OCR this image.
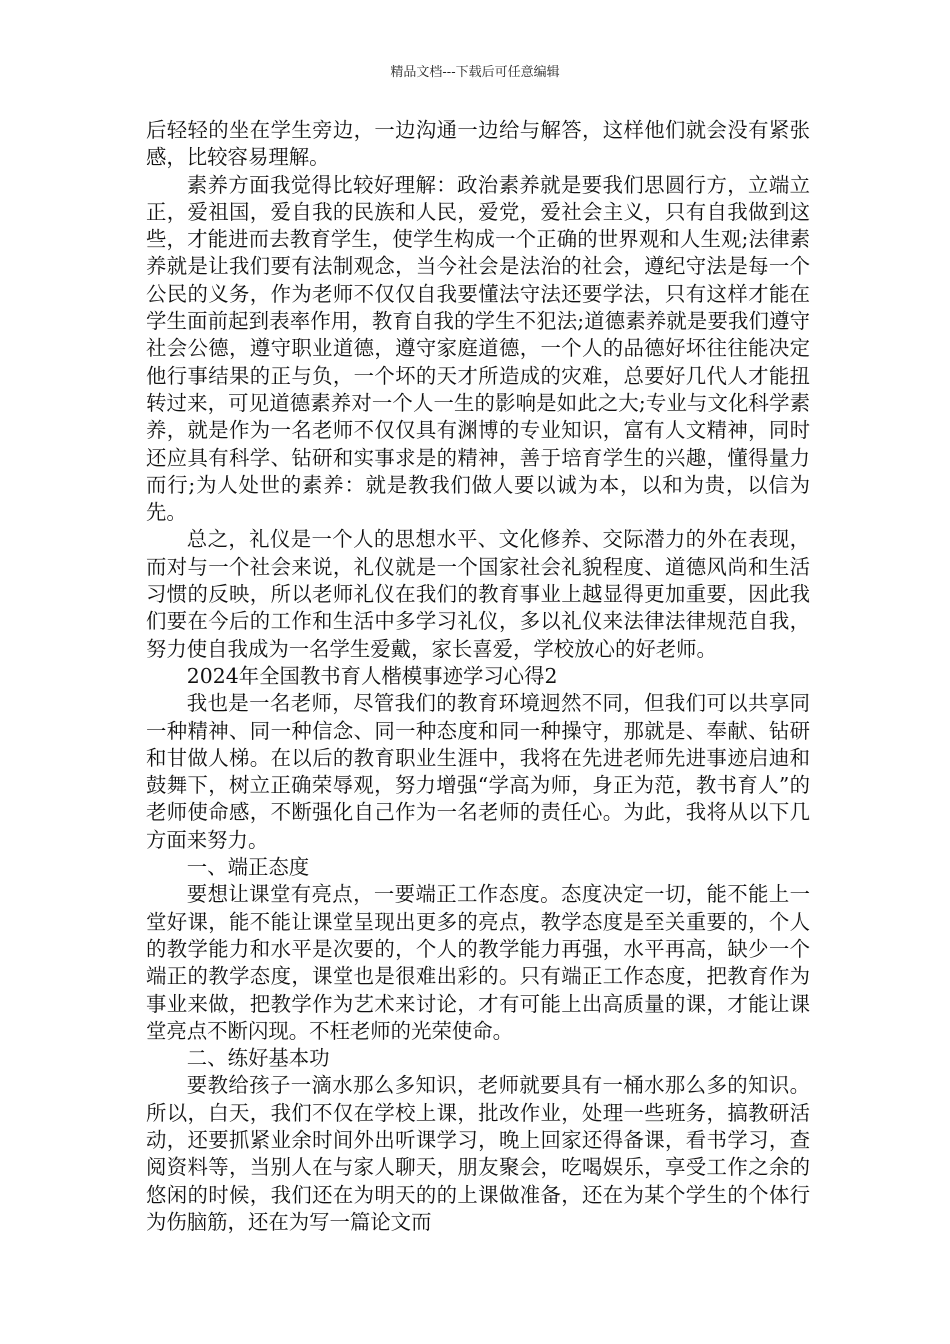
精品文档---下载后可任意编辑

后轻轻的坐在学生旁边，一边沟通一边给与解答，这样他们就会没有紧张感，比较容易理解。

素养方面我觉得比较好理解：政治素养就是要我们思圆行方，立端立正，爱祖国，爱自我的民族和人民，爱党，爱社会主义，只有自我做到这些，才能进而去教育学生，使学生构成一个正确的世界观和人生观;法律素养就是让我们要有法制观念，当今社会是法治的社会，遵纪守法是每一个公民的义务，作为老师不仅仅自我要懂法守法还要学法，只有这样才能在学生面前起到表率作用，教育自我的学生不犯法;道德素养就是要我们遵守社会公德，遵守职业道德，遵守家庭道德，一个人的品德好坏往往能决定他行事结果的正与负，一个坏的天才所造成的灾难，总要好几代人才能扭转过来，可见道德素养对一个人一生的影响是如此之大;专业与文化科学素养，就是作为一名老师不仅仅具有渊博的专业知识，富有人文精神，同时还应具有科学、钻研和实事求是的精神，善于培育学生的兴趣，懂得量力而行;为人处世的素养：就是教我们做人要以诚为本，以和为贵，以信为先。

总之，礼仪是一个人的思想水平、文化修养、交际潜力的外在表现，而对与一个社会来说，礼仪就是一个国家社会礼貌程度、道德风尚和生活习惯的反映，所以老师礼仪在我们的教育事业上越显得更加重要，因此我们要在今后的工作和生活中多学习礼仪，多以礼仪来法律法律规范自我，努力使自我成为一名学生爱戴，家长喜爱，学校放心的好老师。

2024年全国教书育人楷模事迹学习心得2

我也是一名老师，尽管我们的教育环境迥然不同，但我们可以共享同一种精神、同一种信念、同一种态度和同一种操守，那就是、奉献、钻研和甘做人梯。在以后的教育职业生涯中，我将在先进老师先进事迹启迪和鼓舞下，树立正确荣辱观，努力增强“学高为师，身正为范，教书育人”的老师使命感，不断强化自己作为一名老师的责任心。为此，我将从以下几方面来努力。

一、端正态度

要想让课堂有亮点，一要端正工作态度。态度决定一切，能不能上一堂好课，能不能让课堂呈现出更多的亮点，教学态度是至关重要的，个人的教学能力和水平是次要的，个人的教学能力再强，水平再高，缺少一个端正的教学态度，课堂也是很难出彩的。只有端正工作态度，把教育作为事业来做，把教学作为艺术来讨论，才有可能上出高质量的课，才能让课堂亮点不断闪现。不枉老师的光荣使命。

二、练好基本功

要教给孩子一滴水那么多知识，老师就要具有一桶水那么多的知识。所以，白天，我们不仅在学校上课，批改作业，处理一些班务，搞教研活动，还要抓紧业余时间外出听课学习，晚上回家还得备课，看书学习，查阅资料等，当别人在与家人聊天，朋友聚会，吃喝娱乐，享受工作之余的悠闲的时候，我们还在为明天的的上课做准备，还在为某个学生的个体行为伤脑筋，还在为写一篇论文而
